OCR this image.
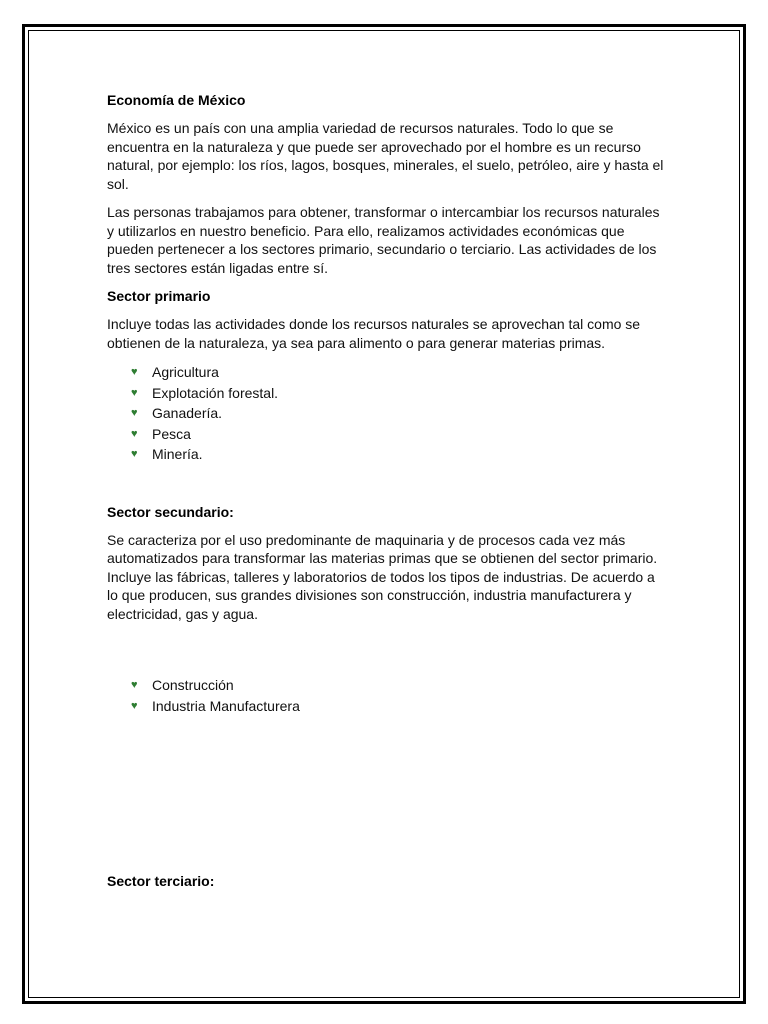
Economía de México

México es un país con una amplia variedad de recursos naturales. Todo lo que se encuentra en la naturaleza y que puede ser aprovechado por el hombre es un recurso natural, por ejemplo: los ríos, lagos, bosques, minerales, el suelo, petróleo, aire y hasta el sol.

Las personas trabajamos para obtener, transformar o intercambiar los recursos naturales y utilizarlos en nuestro beneficio. Para ello, realizamos actividades económicas que pueden pertenecer a los sectores primario, secundario o terciario. Las actividades de los tres sectores están ligadas entre sí.

Sector primario

Incluye todas las actividades donde los recursos naturales se aprovechan tal como se obtienen de la naturaleza, ya sea para alimento o para generar materias primas.

♥ Agricultura
♥ Explotación forestal.
♥ Ganadería.
♥ Pesca
♥ Minería.
Sector secundario:

Se caracteriza por el uso predominante de maquinaria y de procesos cada vez más automatizados para transformar las materias primas que se obtienen del sector primario. Incluye las fábricas, talleres y laboratorios de todos los tipos de industrias. De acuerdo a lo que producen, sus grandes divisiones son construcción, industria manufacturera y electricidad, gas y agua.

♥ Construcción
♥ Industria Manufacturera
Sector terciario:
